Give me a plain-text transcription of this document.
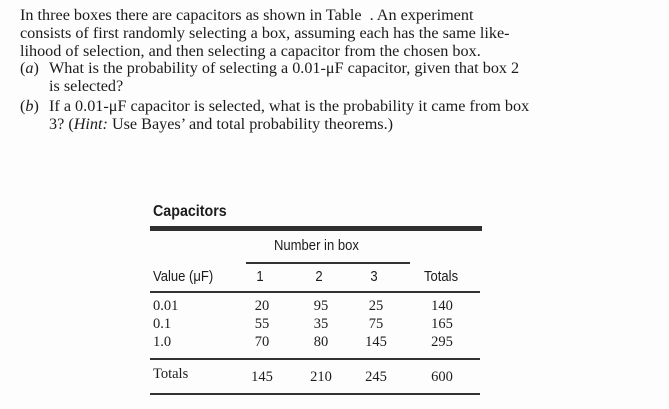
In three boxes there are capacitors as shown in Table . An experiment

consists of first randomly selecting a box, assuming each has the same like-

lihood of selection, and then selecting a capacitor from the chosen box.

(a) What is the probability of selecting a 0.01-μF capacitor, given that box 2

is selected?

(b) If a 0.01-μF capacitor is selected, what is the probability it came from box

3? (Hint: Use Bayes’ and total probability theorems.)

Capacitors
Number in box
Value (μF)	1	2	3	Totals
0.01	20	95	25	140
0.1	55	35	75	165
1.0	70	80	145	295
Totals	145	210	245	600
